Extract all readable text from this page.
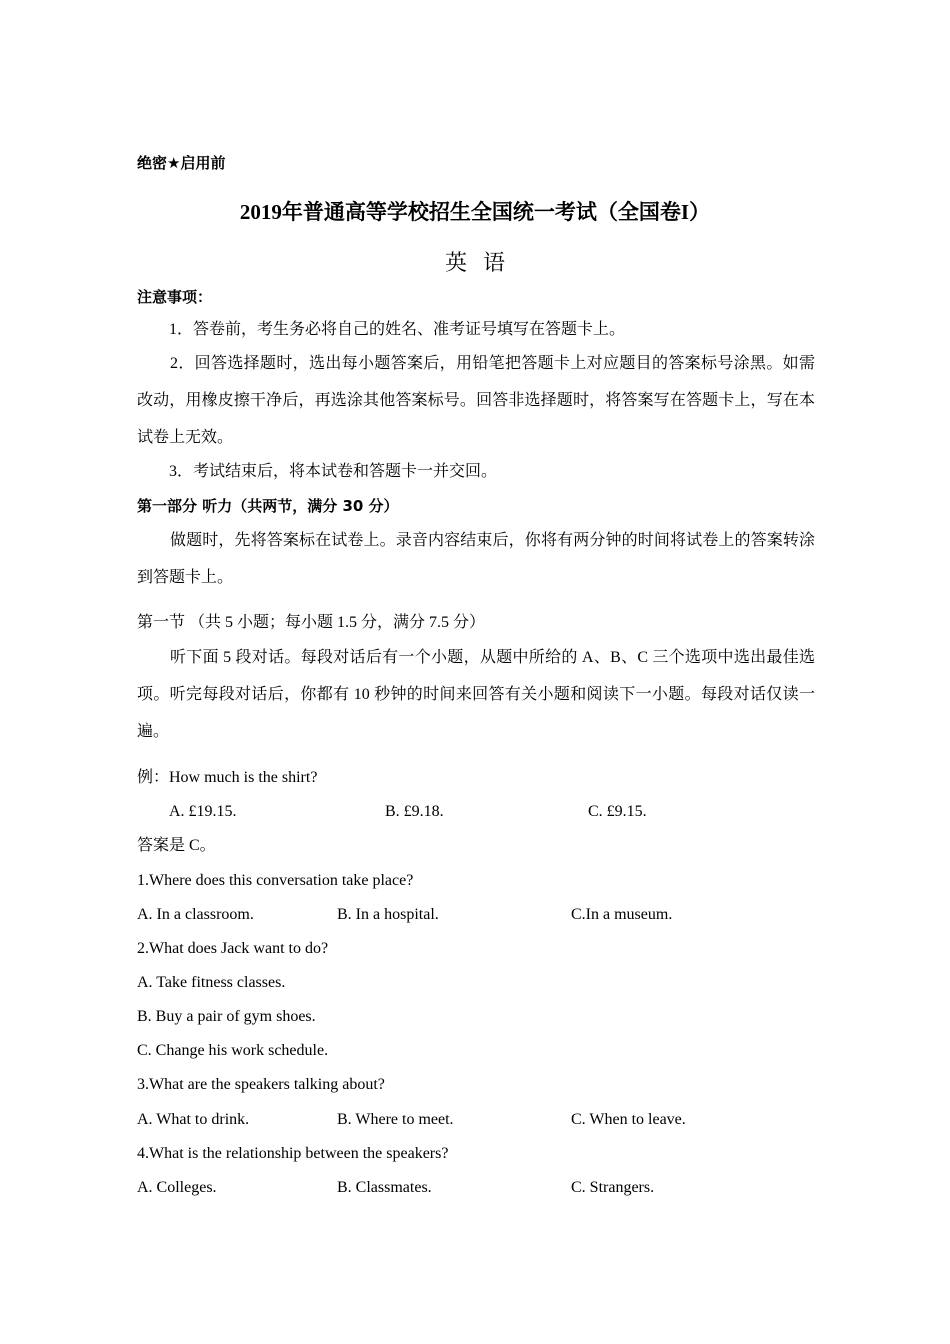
绝密★启用前
2019年普通高等学校招生全国统一考试（全国卷I）
英语
注意事项：
1．答卷前，考生务必将自己的姓名、准考证号填写在答题卡上。
2．回答选择题时，选出每小题答案后，用铅笔把答题卡上对应题目的答案标号涂黑。如需改动，用橡皮擦干净后，再选涂其他答案标号。回答非选择题时，将答案写在答题卡上，写在本试卷上无效。
3．考试结束后，将本试卷和答题卡一并交回。
第一部分 听力（共两节，满分 30 分）
做题时，先将答案标在试卷上。录音内容结束后，你将有两分钟的时间将试卷上的答案转涂到答题卡上。
第一节 （共 5 小题；每小题 1.5 分，满分 7.5 分）
听下面 5 段对话。每段对话后有一个小题，从题中所给的 A、B、C 三个选项中选出最佳选项。听完每段对话后，你都有 10 秒钟的时间来回答有关小题和阅读下一小题。每段对话仅读一遍。
例：How much is the shirt?
A. £19.15.	B. £9.18.	C. £9.15.
答案是 C。
1.Where does this conversation take place?
A. In a classroom.	B. In a hospital.	C.In a museum.
2.What does Jack want to do?
A. Take fitness classes.
B. Buy a pair of gym shoes.
C. Change his work schedule.
3.What are the speakers talking about?
A. What to drink.	B. Where to meet.	C. When to leave.
4.What is the relationship between the speakers?
A. Colleges.	B. Classmates.	C. Strangers.
